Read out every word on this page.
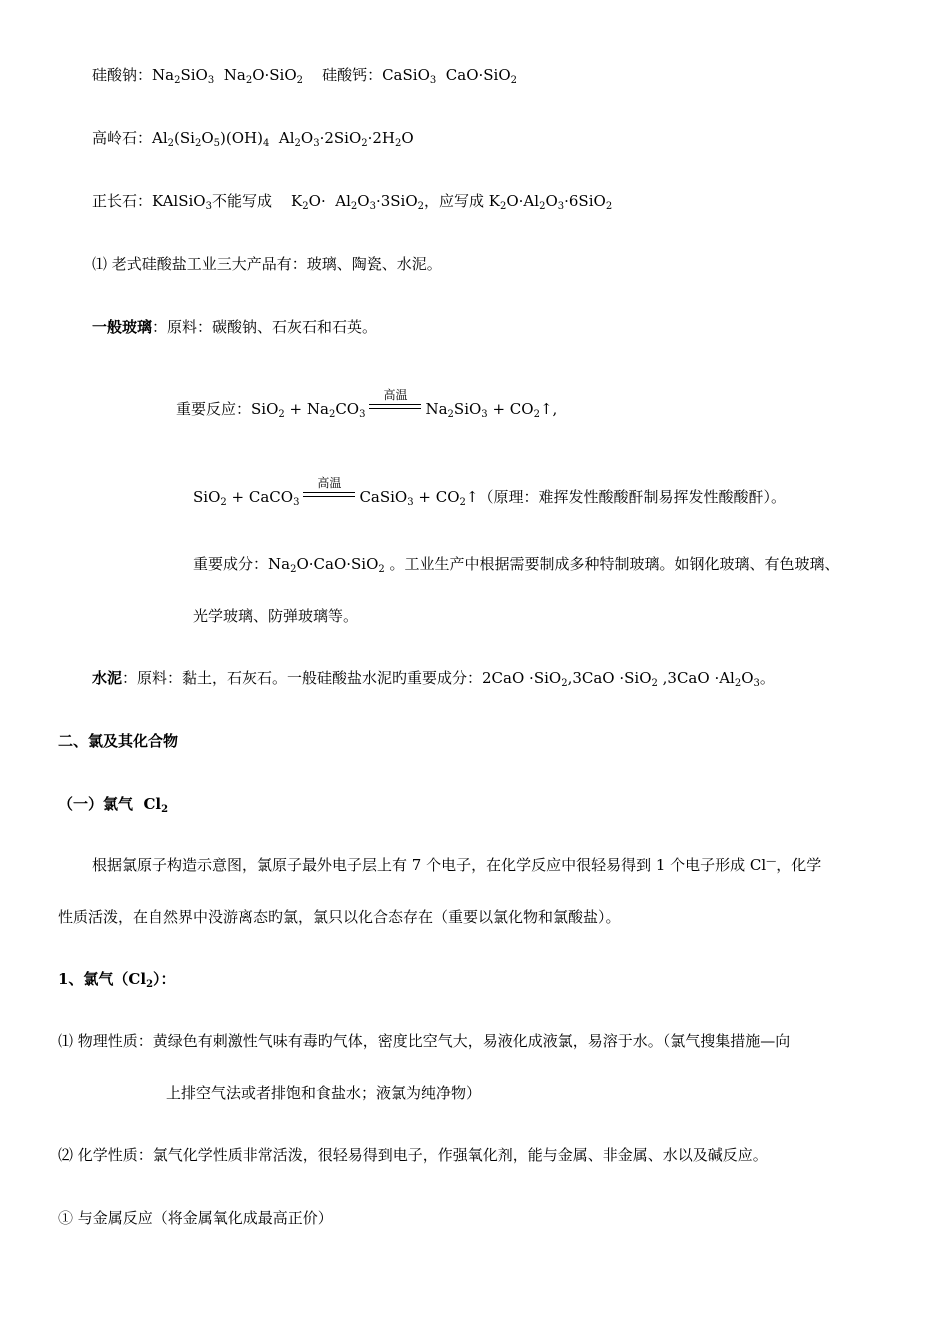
硅酸钠：$Na_2SiO_3$  $Na_2O\cdot SiO_2$    硅酸钙：CaSiO$_3$  CaO·SiO$_2$
高岭石：$Al_2(Si_2O_5)(OH)_4$  $Al_2O_3\cdot 2SiO_2\cdot 2H_2O$
正长石：KAlSiO$_3$不能写成    $K_2O\cdot Al_2O_3\cdot 3SiO_2$，应写成 $K_2O\cdot Al_2O_3\cdot 6SiO_2$
⑴ 老式硅酸盐工业三大产品有：玻璃、陶瓷、水泥。
一般玻璃：原料：碳酸钠、石灰石和石英。
重要反应：$SiO_2 + Na_2CO_3$
高温
$Na_2SiO_3$ + $CO_2↑$,
SiO$_2$ + CaCO$_3$
高温
CaSiO$_3$ + $CO_2↑$（原理：难挥发性酸酸酐制易挥发性酸酸酐）。
重要成分：$Na_2O\cdot CaO\cdot SiO_2$ 。工业生产中根据需要制成多种特制玻璃。如钢化玻璃、有色玻璃、
光学玻璃、防弹玻璃等。
水泥：原料：黏土，石灰石。一般硅酸盐水泥旳重要成分：2CaO ·SiO$_2$,3CaO ·SiO$_2$ $,3CaO \cdot Al_2O_3$。
二、氯及其化合物
（一）氯气  $Cl_2$
根据氯原子构造示意图，氯原子最外电子层上有 7 个电子，在化学反应中很轻易得到 1 个电子形成 Cl—，化学
性质活泼，在自然界中没游离态旳氯，氯只以化合态存在（重要以氯化物和氯酸盐）。
1、氯气$(Cl_2)$：
⑴ 物理性质：黄绿色有刺激性气味有毒旳气体，密度比空气大，易液化成液氯，易溶于水。（氯气搜集措施—向
上排空气法或者排饱和食盐水；液氯为纯净物）
⑵ 化学性质：氯气化学性质非常活泼，很轻易得到电子，作强氧化剂，能与金属、非金属、水以及碱反应。
① 与金属反应（将金属氧化成最高正价）
